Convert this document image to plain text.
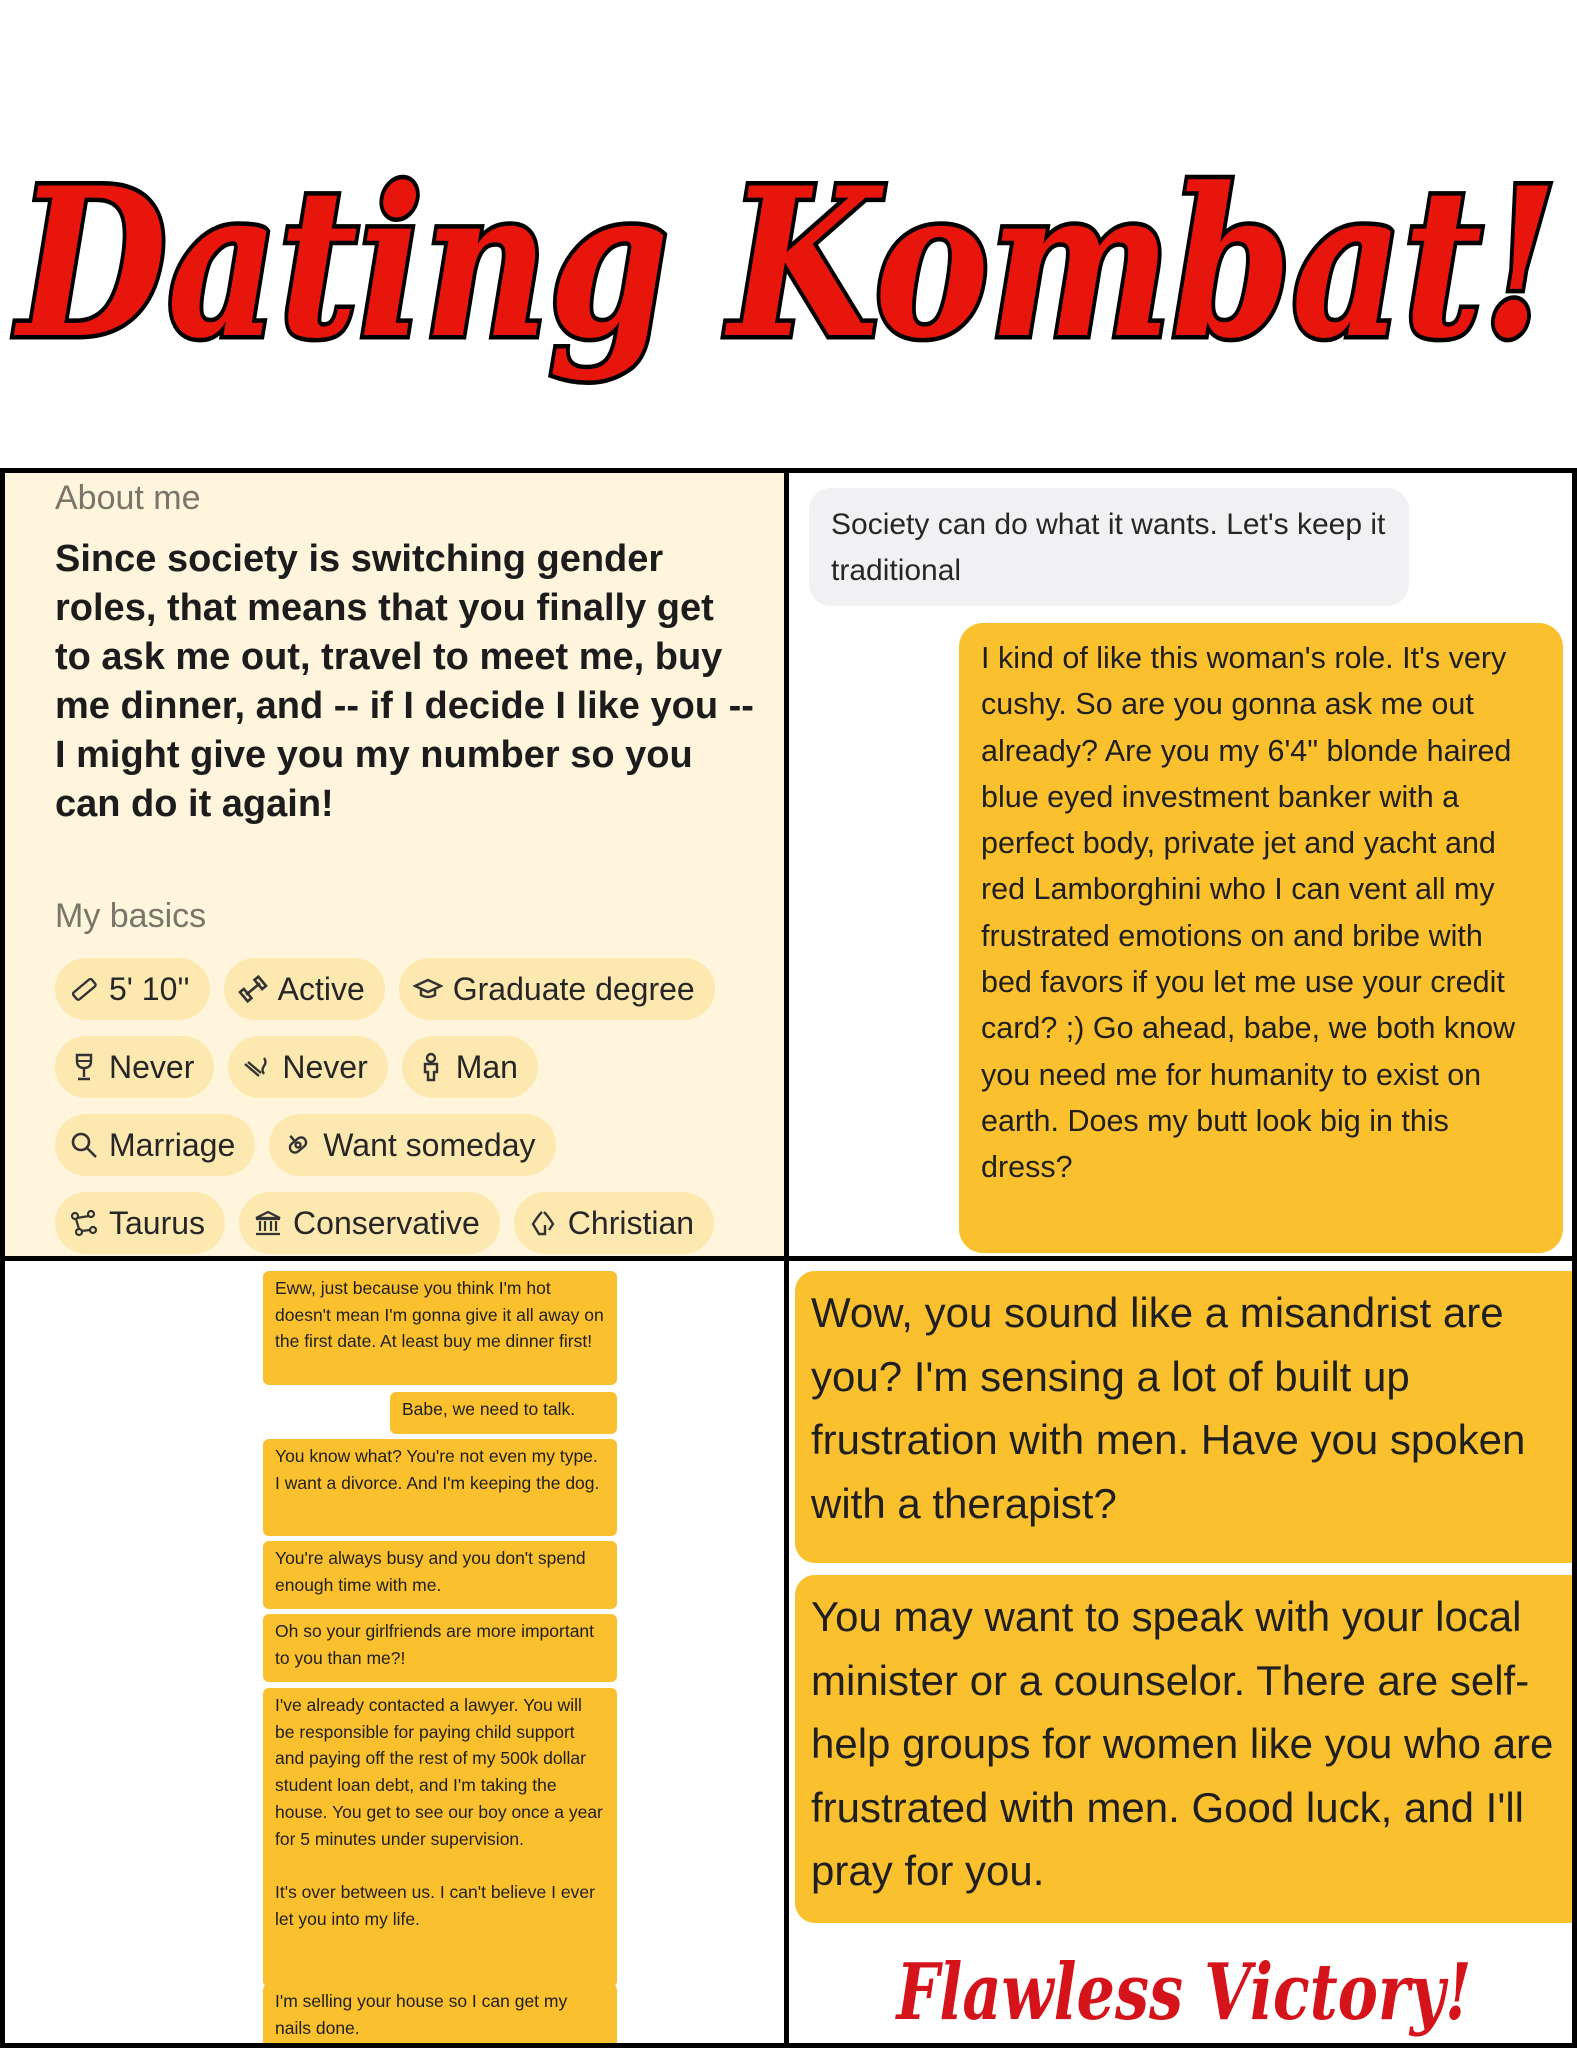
Dating Kombat!
About me
Since society is switching gender roles, that means that you finally get to ask me out, travel to meet me, buy me dinner, and -- if I decide I like you -- I might give you my number so you can do it again!
My basics
5' 10''	Active	Graduate degree
Never	Never	Man
Marriage	Want someday
Taurus	Conservative	Christian
Society can do what it wants. Let's keep it traditional
I kind of like this woman's role. It's very cushy. So are you gonna ask me out already? Are you my 6'4" blonde haired blue eyed investment banker with a perfect body, private jet and yacht and red Lamborghini who I can vent all my frustrated emotions on and bribe with bed favors if you let me use your credit card? ;) Go ahead, babe, we both know you need me for humanity to exist on earth. Does my butt look big in this dress?
Eww, just because you think I'm hot doesn't mean I'm gonna give it all away on the first date. At least buy me dinner first!
Babe, we need to talk.
You know what? You're not even my type. I want a divorce. And I'm keeping the dog.
You're always busy and you don't spend enough time with me.
Oh so your girlfriends are more important to you than me?!
I've already contacted a lawyer. You will be responsible for paying child support and paying off the rest of my 500k dollar student loan debt, and I'm taking the house. You get to see our boy once a year for 5 minutes under supervision.
It's over between us. I can't believe I ever let you into my life.
I'm selling your house so I can get my nails done.
Wow, you sound like a misandrist are you? I'm sensing a lot of built up frustration with men. Have you spoken with a therapist?
You may want to speak with your local minister or a counselor. There are self-help groups for women like you who are frustrated with men. Good luck, and I'll pray for you.
Flawless Victory!
